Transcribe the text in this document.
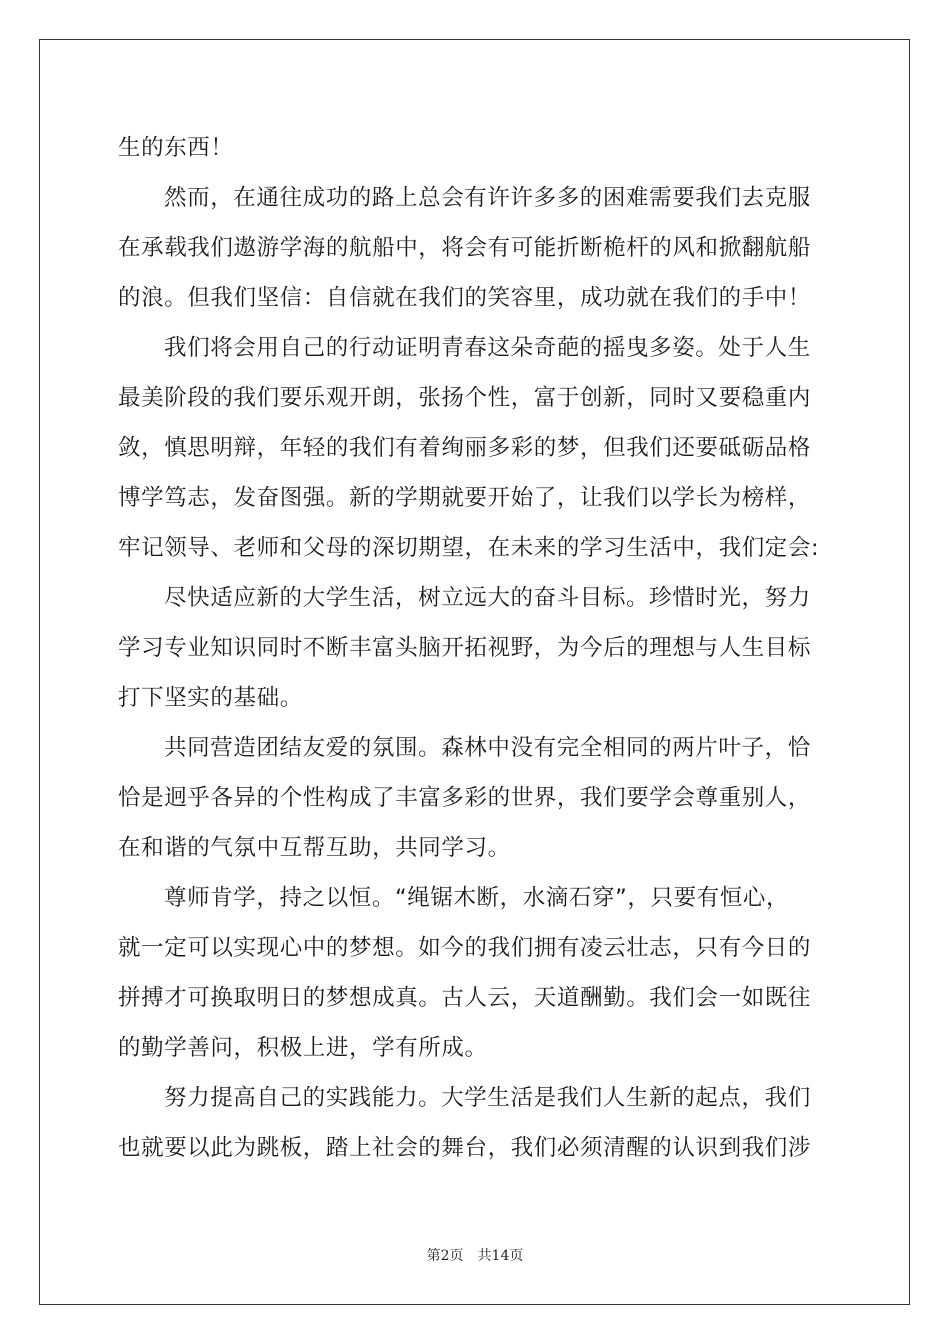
生的东西！
然而，在通往成功的路上总会有许许多多的困难需要我们去克服
在承载我们遨游学海的航船中，将会有可能折断桅杆的风和掀翻航船
的浪。但我们坚信：自信就在我们的笑容里，成功就在我们的手中！
我们将会用自己的行动证明青春这朵奇葩的摇曳多姿。处于人生
最美阶段的我们要乐观开朗，张扬个性，富于创新，同时又要稳重内
敛，慎思明辩，年轻的我们有着绚丽多彩的梦，但我们还要砥砺品格
博学笃志，发奋图强。新的学期就要开始了，让我们以学长为榜样，
牢记领导、老师和父母的深切期望，在未来的学习生活中，我们定会:
尽快适应新的大学生活，树立远大的奋斗目标。珍惜时光，努力
学习专业知识同时不断丰富头脑开拓视野，为今后的理想与人生目标
打下坚实的基础。
共同营造团结友爱的氛围。森林中没有完全相同的两片叶子，恰
恰是迥乎各异的个性构成了丰富多彩的世界，我们要学会尊重别人，
在和谐的气氛中互帮互助，共同学习。
尊师肯学，持之以恒。“绳锯木断，水滴石穿”，只要有恒心，
就一定可以实现心中的梦想。如今的我们拥有凌云壮志，只有今日的
拼搏才可换取明日的梦想成真。古人云，天道酬勤。我们会一如既往
的勤学善问，积极上进，学有所成。
努力提高自己的实践能力。大学生活是我们人生新的起点，我们
也就要以此为跳板，踏上社会的舞台，我们必须清醒的认识到我们涉
第2页 共14页
